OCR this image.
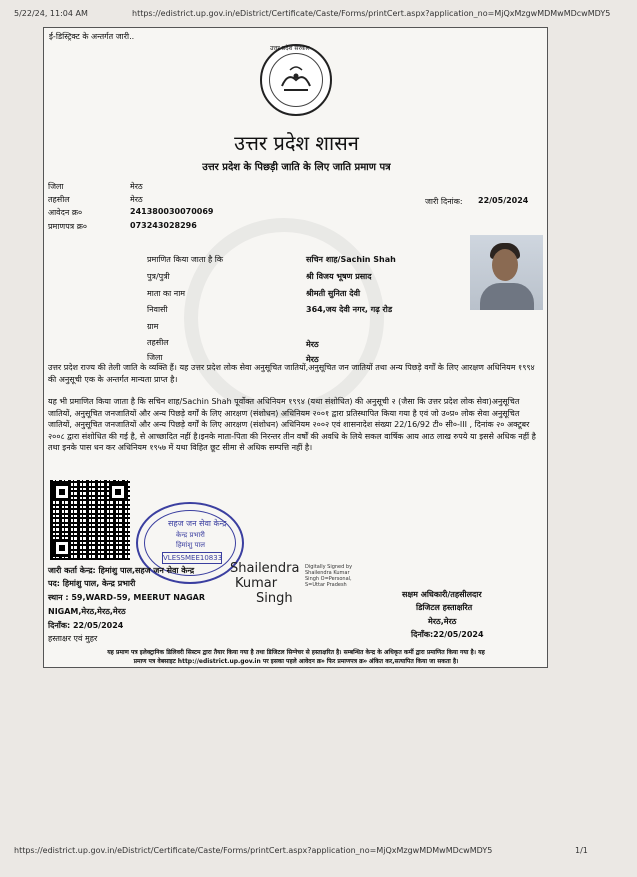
5/22/24, 11:04 AM	https://edistrict.up.gov.in/eDistrict/Certificate/Caste/Forms/printCert.aspx?application_no=MjQxMzgwMDMwMDcwMDY5
ई-डिस्ट्रिक्ट के अन्तर्गत जारी..
उत्तर प्रदेश सरकार
उत्तर प्रदेश शासन
उत्तर प्रदेश के पिछड़ी जाति के लिए जाति प्रमाण पत्र
जिला	मेरठ
तहसील	मेरठ
आवेदन क्र०	241380030070069
प्रमाणपत्र क्र०	073243028296
जारी दिनांक: 22/05/2024
प्रमाणित किया जाता है कि	सचिन शाह/Sachin Shah
पुत्र/पुत्री	श्री विजय भूषण प्रसाद
माता का नाम	श्रीमती सुनिता देवी
निवासी	364,जय देवी नगर, गढ़ रोड
ग्राम
तहसील	मेरठ
जिला	मेरठ
उत्तर प्रदेश राज्य की तेली जाति के व्यक्ति हैं। यह उत्तर प्रदेश लोक सेवा अनुसूचित जातियों,अनुसूचित जन जातियों तथा अन्य पिछड़े वर्गों के लिए आरक्षण अधिनियम १९९४ की अनुसूची एक के अन्तर्गत मान्यता प्राप्त है।
यह भी प्रमाणित किया जाता है कि सचिन शाह/Sachin Shah पूर्वोक्त अधिनियम १९९४ (यथा संशोधित) की अनुसूची २ (जैसा कि उत्तर प्रदेश लोक सेवा)अनुसूचित जातियों, अनुसूचित जनजातियों और अन्य पिछड़े वर्गों के लिए आरक्षण (संशोधन) अधिनियम २००१ द्वारा प्रतिस्थापित किया गया है एवं जो उ०प्र० लोक सेवा अनुसूचित जातियों, अनुसूचित जनजातियों और अन्य पिछड़े वर्गों के लिए आरक्षण (संशोधन) अधिनियम २००२ एवं शासनादेश संख्या 22/16/92 टी० सी०-III , दिनांक २० अक्टूबर २००८ द्वारा संशोधित की गई है, से आच्छादित नहीं है।इनके माता-पिता की निरन्तर तीन वर्षों की अवधि के लिये सकल वार्षिक आय आठ लाख रुपये या इससे अधिक नहीं है तथा इनके पास धन कर अधिनियम १९५७ में यथा विहित छूट सीमा से अधिक सम्पत्ति नहीं है।
सहज जन सेवा केन्द्र
केन्द्र प्रभारी
हिमांशु पाल
VLESSMEE10833
Shailendra
Kumar
Singh
Digitally Signed by
Shailendra Kumar
Singh O=Personal,
S=Uttar Pradesh
जारी कर्ता केन्द्र: हिमांशु पाल,सहज जन सेवा केन्द्र
पद: हिमांशु पाल, केन्द्र प्रभारी
स्थान : 59,WARD-59, MEERUT NAGAR
NIGAM,मेरठ,मेरठ,मेरठ
दिनाँक: 22/05/2024
हस्ताक्षर एवं मुहर
सक्षम अधिकारी/तहसीलदार
डिजिटल हस्ताक्षरित
मेरठ,मेरठ
दिनाँक:22/05/2024
यह प्रमाण पत्र इलेक्ट्रानिक डिलिवरी सिस्टम द्वारा तैयार किया गया है तथा डिजिटल सिग्नेचर से हस्ताक्षरित है। सम्बन्धित केन्द्र के अधिकृत कर्मी द्वारा प्रमाणित किया गया है। यह
प्रमाण पत्र वेबसाइट http://edistrict.up.gov.in पर इसका पहले आवेदन क्र० फिर प्रमाणपत्र क्र० अंकित कर,सत्यापित किया जा सकता है।
https://edistrict.up.gov.in/eDistrict/Certificate/Caste/Forms/printCert.aspx?application_no=MjQxMzgwMDMwMDcwMDY5	1/1
